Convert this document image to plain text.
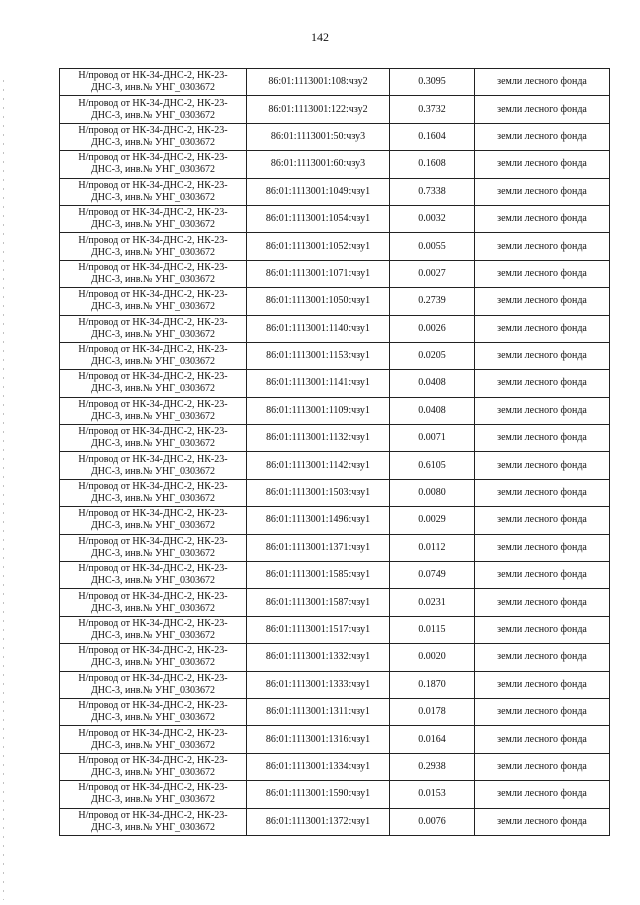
142
Н/провод от НК-34-ДНС-2, НК-23-
ДНС-3, инв.№ УНГ_0303672	86:01:1113001:108:чзу2	0.3095	земли лесного фонда

Н/провод от НК-34-ДНС-2, НК-23-
ДНС-3, инв.№ УНГ_0303672	86:01:1113001:122:чзу2	0.3732	земли лесного фонда

Н/провод от НК-34-ДНС-2, НК-23-
ДНС-3, инв.№ УНГ_0303672	86:01:1113001:50:чзу3	0.1604	земли лесного фонда

Н/провод от НК-34-ДНС-2, НК-23-
ДНС-3, инв.№ УНГ_0303672	86:01:1113001:60:чзу3	0.1608	земли лесного фонда

Н/провод от НК-34-ДНС-2, НК-23-
ДНС-3, инв.№ УНГ_0303672	86:01:1113001:1049:чзу1	0.7338	земли лесного фонда

Н/провод от НК-34-ДНС-2, НК-23-
ДНС-3, инв.№ УНГ_0303672	86:01:1113001:1054:чзу1	0.0032	земли лесного фонда

Н/провод от НК-34-ДНС-2, НК-23-
ДНС-3, инв.№ УНГ_0303672	86:01:1113001:1052:чзу1	0.0055	земли лесного фонда

Н/провод от НК-34-ДНС-2, НК-23-
ДНС-3, инв.№ УНГ_0303672	86:01:1113001:1071:чзу1	0.0027	земли лесного фонда

Н/провод от НК-34-ДНС-2, НК-23-
ДНС-3, инв.№ УНГ_0303672	86:01:1113001:1050:чзу1	0.2739	земли лесного фонда

Н/провод от НК-34-ДНС-2, НК-23-
ДНС-3, инв.№ УНГ_0303672	86:01:1113001:1140:чзу1	0.0026	земли лесного фонда

Н/провод от НК-34-ДНС-2, НК-23-
ДНС-3, инв.№ УНГ_0303672	86:01:1113001:1153:чзу1	0.0205	земли лесного фонда

Н/провод от НК-34-ДНС-2, НК-23-
ДНС-3, инв.№ УНГ_0303672	86:01:1113001:1141:чзу1	0.0408	земли лесного фонда

Н/провод от НК-34-ДНС-2, НК-23-
ДНС-3, инв.№ УНГ_0303672	86:01:1113001:1109:чзу1	0.0408	земли лесного фонда

Н/провод от НК-34-ДНС-2, НК-23-
ДНС-3, инв.№ УНГ_0303672	86:01:1113001:1132:чзу1	0.0071	земли лесного фонда

Н/провод от НК-34-ДНС-2, НК-23-
ДНС-3, инв.№ УНГ_0303672	86:01:1113001:1142:чзу1	0.6105	земли лесного фонда

Н/провод от НК-34-ДНС-2, НК-23-
ДНС-3, инв.№ УНГ_0303672	86:01:1113001:1503:чзу1	0.0080	земли лесного фонда

Н/провод от НК-34-ДНС-2, НК-23-
ДНС-3, инв.№ УНГ_0303672	86:01:1113001:1496:чзу1	0.0029	земли лесного фонда

Н/провод от НК-34-ДНС-2, НК-23-
ДНС-3, инв.№ УНГ_0303672	86:01:1113001:1371:чзу1	0.0112	земли лесного фонда

Н/провод от НК-34-ДНС-2, НК-23-
ДНС-3, инв.№ УНГ_0303672	86:01:1113001:1585:чзу1	0.0749	земли лесного фонда

Н/провод от НК-34-ДНС-2, НК-23-
ДНС-3, инв.№ УНГ_0303672	86:01:1113001:1587:чзу1	0.0231	земли лесного фонда

Н/провод от НК-34-ДНС-2, НК-23-
ДНС-3, инв.№ УНГ_0303672	86:01:1113001:1517:чзу1	0.0115	земли лесного фонда

Н/провод от НК-34-ДНС-2, НК-23-
ДНС-3, инв.№ УНГ_0303672	86:01:1113001:1332:чзу1	0.0020	земли лесного фонда

Н/провод от НК-34-ДНС-2, НК-23-
ДНС-3, инв.№ УНГ_0303672	86:01:1113001:1333:чзу1	0.1870	земли лесного фонда

Н/провод от НК-34-ДНС-2, НК-23-
ДНС-3, инв.№ УНГ_0303672	86:01:1113001:1311:чзу1	0.0178	земли лесного фонда

Н/провод от НК-34-ДНС-2, НК-23-
ДНС-3, инв.№ УНГ_0303672	86:01:1113001:1316:чзу1	0.0164	земли лесного фонда

Н/провод от НК-34-ДНС-2, НК-23-
ДНС-3, инв.№ УНГ_0303672	86:01:1113001:1334:чзу1	0.2938	земли лесного фонда

Н/провод от НК-34-ДНС-2, НК-23-
ДНС-3, инв.№ УНГ_0303672	86:01:1113001:1590:чзу1	0.0153	земли лесного фонда

Н/провод от НК-34-ДНС-2, НК-23-
ДНС-3, инв.№ УНГ_0303672	86:01:1113001:1372:чзу1	0.0076	земли лесного фонда
